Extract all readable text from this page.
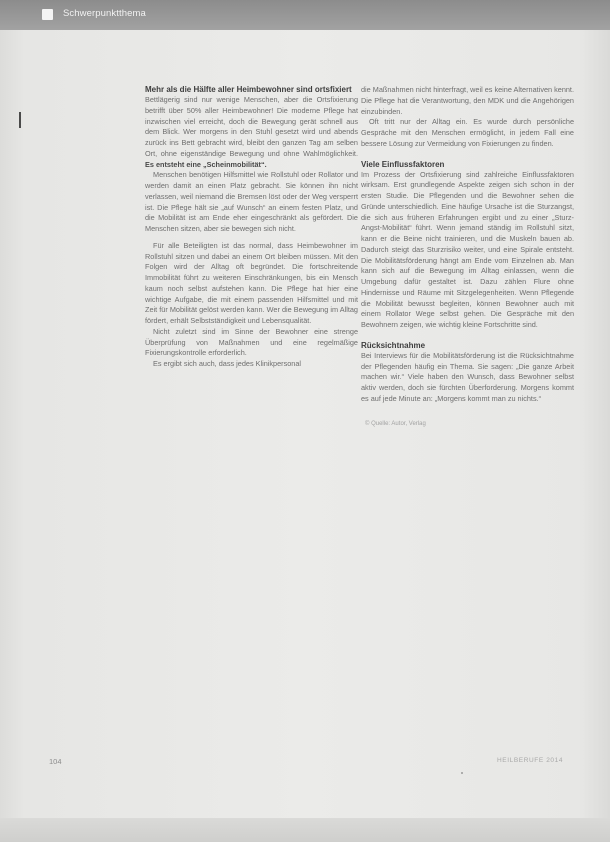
Schwerpunktthema
Mehr als die Hälfte aller Heimbewohner sind ortsfixiert

Bettlägerig sind nur wenige Menschen, aber die Ortsfixierung betrifft über 50% aller Heimbewohner! Die moderne Pflege hat inzwischen viel erreicht, doch die Bewegung gerät schnell aus dem Blick. Wer morgens in den Stuhl gesetzt wird und abends zurück ins Bett gebracht wird, bleibt den ganzen Tag am selben Ort, ohne eigenständige Bewegung und ohne Wahlmöglichkeit. Es entsteht eine „Scheinmobilität“.

Menschen benötigen Hilfsmittel wie Rollstuhl oder Rollator und werden damit an einen Platz gebracht. Sie können ihn nicht verlassen, weil niemand die Bremsen löst oder der Weg versperrt ist. Die Pflege hält sie „auf Wunsch“ an einem festen Platz, und die Mobilität ist am Ende eher eingeschränkt als gefördert. Die Menschen sitzen, aber sie bewegen sich nicht.

Für alle Beteiligten ist das normal, dass Heimbewohner im Rollstuhl sitzen und dabei an einem Ort bleiben müssen. Mit den Folgen wird der Alltag oft begründet. Die fortschreitende Immobilität führt zu weiteren Einschränkungen, bis ein Mensch kaum noch selbst aufstehen kann. Die Pflege hat hier eine wichtige Aufgabe, die mit einem passenden Hilfsmittel und mit Zeit für Mobilität gelöst werden kann. Wer die Bewegung im Alltag fördert, erhält Selbstständigkeit und Lebensqualität.

Nicht zuletzt sind im Sinne der Bewohner eine strenge Überprüfung von Maßnahmen und eine regelmäßige Fixierungskontrolle erforderlich.

Es ergibt sich auch, dass jedes Klinikpersonal

die Maßnahmen nicht hinterfragt, weil es keine Alternativen kennt. Die Pflege hat die Verantwortung, den MDK und die Angehörigen einzubinden.

Oft tritt nur der Alltag ein. Es wurde durch persönliche Gespräche mit den Menschen ermöglicht, in jedem Fall eine bessere Lösung zur Vermeidung von Fixierungen zu finden.

Viele Einflussfaktoren

Im Prozess der Ortsfixierung sind zahlreiche Einflussfaktoren wirksam. Erst grundlegende Aspekte zeigen sich schon in der ersten Studie. Die Pflegenden und die Bewohner sehen die Gründe unterschiedlich. Eine häufige Ursache ist die Sturzangst, die sich aus früheren Erfahrungen ergibt und zu einer „Sturz-Angst-Mobilität“ führt. Wenn jemand ständig im Rollstuhl sitzt, kann er die Beine nicht trainieren, und die Muskeln bauen ab. Dadurch steigt das Sturzrisiko weiter, und eine Spirale entsteht. Die Mobilitätsförderung hängt am Ende vom Einzelnen ab. Man kann sich auf die Bewegung im Alltag einlassen, wenn die Umgebung dafür gestaltet ist. Dazu zählen Flure ohne Hindernisse und Räume mit Sitzgelegenheiten. Wenn Pflegende die Mobilität bewusst begleiten, können Bewohner auch mit einem Rollator Wege selbst gehen. Die Gespräche mit den Bewohnern zeigen, wie wichtig kleine Fortschritte sind.

Rücksichtnahme

Bei Interviews für die Mobilitätsförderung ist die Rücksichtnahme der Pflegenden häufig ein Thema. Sie sagen: „Die ganze Arbeit machen wir.“ Viele haben den Wunsch, dass Bewohner selbst aktiv werden, doch sie fürchten Überforderung. Morgens kommt es auf jede Minute an: „Morgens kommt man zu nichts.“

© Quelle: Autor, Verlag
104	HEILBERUFE 2014
